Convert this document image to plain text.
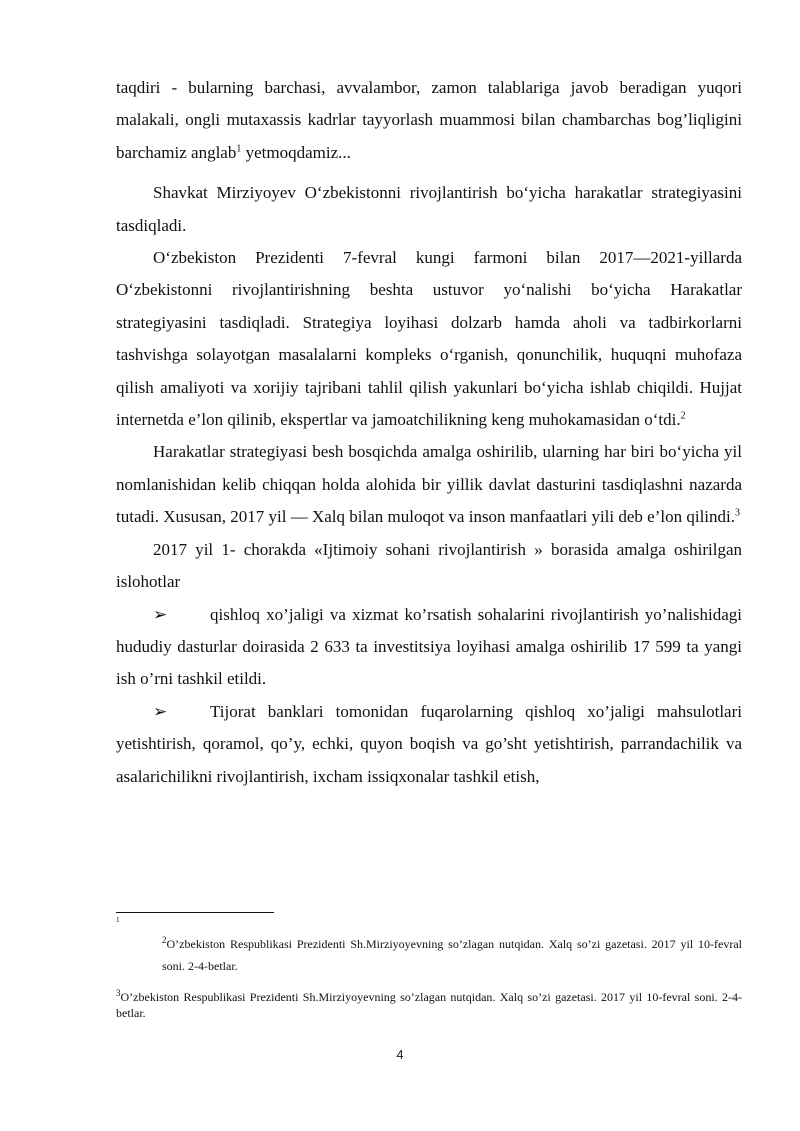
taqdiri - bularning barchasi, avvalambor, zamon talablariga javob beradigan yuqori malakali, ongli mutaxassis kadrlar tayyorlash muammosi bilan chambarchas bog’liqligini barchamiz anglab$^1$ yetmoqdamiz...

Shavkat Mirziyoyev O‘zbekistonni rivojlantirish bo‘yicha harakatlar strategiyasini tasdiqladi.

O‘zbekiston Prezidenti 7-fevral kungi farmoni bilan 2017—2021-yillarda O‘zbekistonni rivojlantirishning beshta ustuvor yo‘nalishi bo‘yicha Harakatlar strategiyasini tasdiqladi. Strategiya loyihasi dolzarb hamda aholi va tadbirkorlarni tashvishga solayotgan masalalarni kompleks o‘rganish, qonunchilik, huquqni muhofaza qilish amaliyoti va xorijiy tajribani tahlil qilish yakunlari bo‘yicha ishlab chiqildi. Hujjat internetda e’lon qilinib, ekspertlar va jamoatchilikning keng muhokamasidan o‘tdi.$^2$

Harakatlar strategiyasi besh bosqichda amalga oshirilib, ularning har biri bo‘yicha yil nomlanishidan kelib chiqqan holda alohida bir yillik davlat dasturini tasdiqlashni nazarda tutadi. Xususan, 2017 yil — Xalq bilan muloqot va inson manfaatlari yili deb e’lon qilindi.$^3$

2017 yil 1- chorakda «Ijtimoiy sohani rivojlantirish » borasida amalga oshirilgan islohotlar

➢	qishloq xo’jaligi va xizmat ko’rsatish sohalarini rivojlantirish yo’nalishidagi hududiy dasturlar doirasida 2 633 ta investitsiya loyihasi amalga oshirilib 17 599 ta yangi ish o’rni tashkil etildi.

➢	Tijorat banklari tomonidan fuqarolarning qishloq xo’jaligi mahsulotlari yetishtirish, qoramol, qo’y, echki, quyon boqish va go’sht yetishtirish, parrandachilik va asalarichilikni rivojlantirish, ixcham issiqxonalar tashkil etish,

1
$^2$O’zbekiston Respublikasi Prezidenti Sh.Mirziyoyevning so’zlagan nutqidan. Xalq so’zi gazetasi. 2017 yil 10-fevral soni. 2-4-betlar.
$^3$O’zbekiston Respublikasi Prezidenti Sh.Mirziyoyevning so’zlagan nutqidan. Xalq so’zi gazetasi. 2017 yil 10-fevral soni. 2-4-betlar.
4
